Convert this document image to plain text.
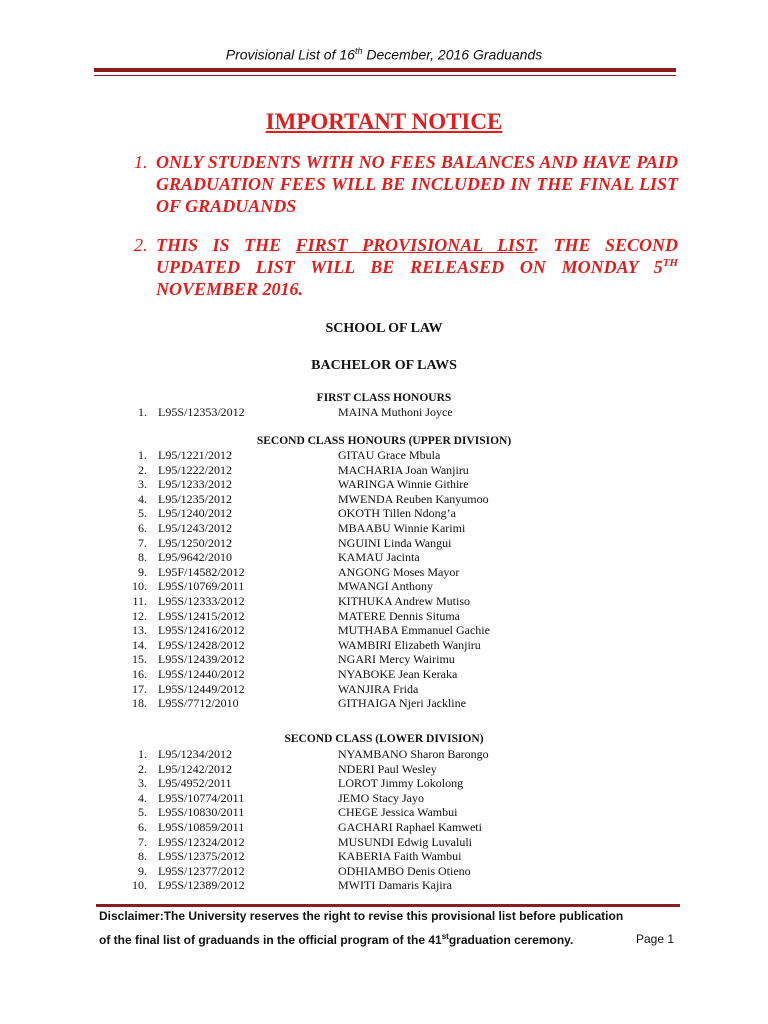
Provisional List of 16th December, 2016 Graduands
IMPORTANT NOTICE
1. ONLY STUDENTS WITH NO FEES BALANCES AND HAVE PAID GRADUATION FEES WILL BE INCLUDED IN THE FINAL LIST OF GRADUANDS
2. THIS IS THE FIRST PROVISIONAL LIST. THE SECOND UPDATED LIST WILL BE RELEASED ON MONDAY 5TH NOVEMBER 2016.
SCHOOL OF LAW
BACHELOR OF LAWS
FIRST CLASS HONOURS
1. L95S/12353/2012	MAINA Muthoni Joyce
SECOND CLASS HONOURS (UPPER DIVISION)
1. L95/1221/2012	GITAU Grace Mbula
2. L95/1222/2012	MACHARIA Joan Wanjiru
3. L95/1233/2012	WARINGA Winnie Githire
4. L95/1235/2012	MWENDA Reuben Kanyumoo
5. L95/1240/2012	OKOTH Tillen Ndong’a
6. L95/1243/2012	MBAABU Winnie Karimi
7. L95/1250/2012	NGUINI Linda Wangui
8. L95/9642/2010	KAMAU Jacinta
9. L95F/14582/2012	ANGONG Moses Mayor
10. L95S/10769/2011	MWANGI Anthony
11. L95S/12333/2012	KITHUKA Andrew Mutiso
12. L95S/12415/2012	MATERE Dennis Situma
13. L95S/12416/2012	MUTHABA Emmanuel Gachie
14. L95S/12428/2012	WAMBIRI Elizabeth Wanjiru
15. L95S/12439/2012	NGARI Mercy Wairimu
16. L95S/12440/2012	NYABOKE Jean Keraka
17. L95S/12449/2012	WANJIRA Frida
18. L95S/7712/2010	GITHAIGA Njeri Jackline
SECOND CLASS (LOWER DIVISION)
1. L95/1234/2012	NYAMBANO Sharon Barongo
2. L95/1242/2012	NDERI Paul Wesley
3. L95/4952/2011	LOROT Jimmy Lokolong
4. L95S/10774/2011	JEMO Stacy Jayo
5. L95S/10830/2011	CHEGE Jessica Wambui
6. L95S/10859/2011	GACHARI Raphael Kamweti
7. L95S/12324/2012	MUSUNDI Edwig Luvaluli
8. L95S/12375/2012	KABERIA Faith Wambui
9. L95S/12377/2012	ODHIAMBO Denis Otieno
10. L95S/12389/2012	MWITI Damaris Kajira
Disclaimer:The University reserves the right to revise this provisional list before publication
of the final list of graduands in the official program of the 41stgraduation ceremony.	Page 1
